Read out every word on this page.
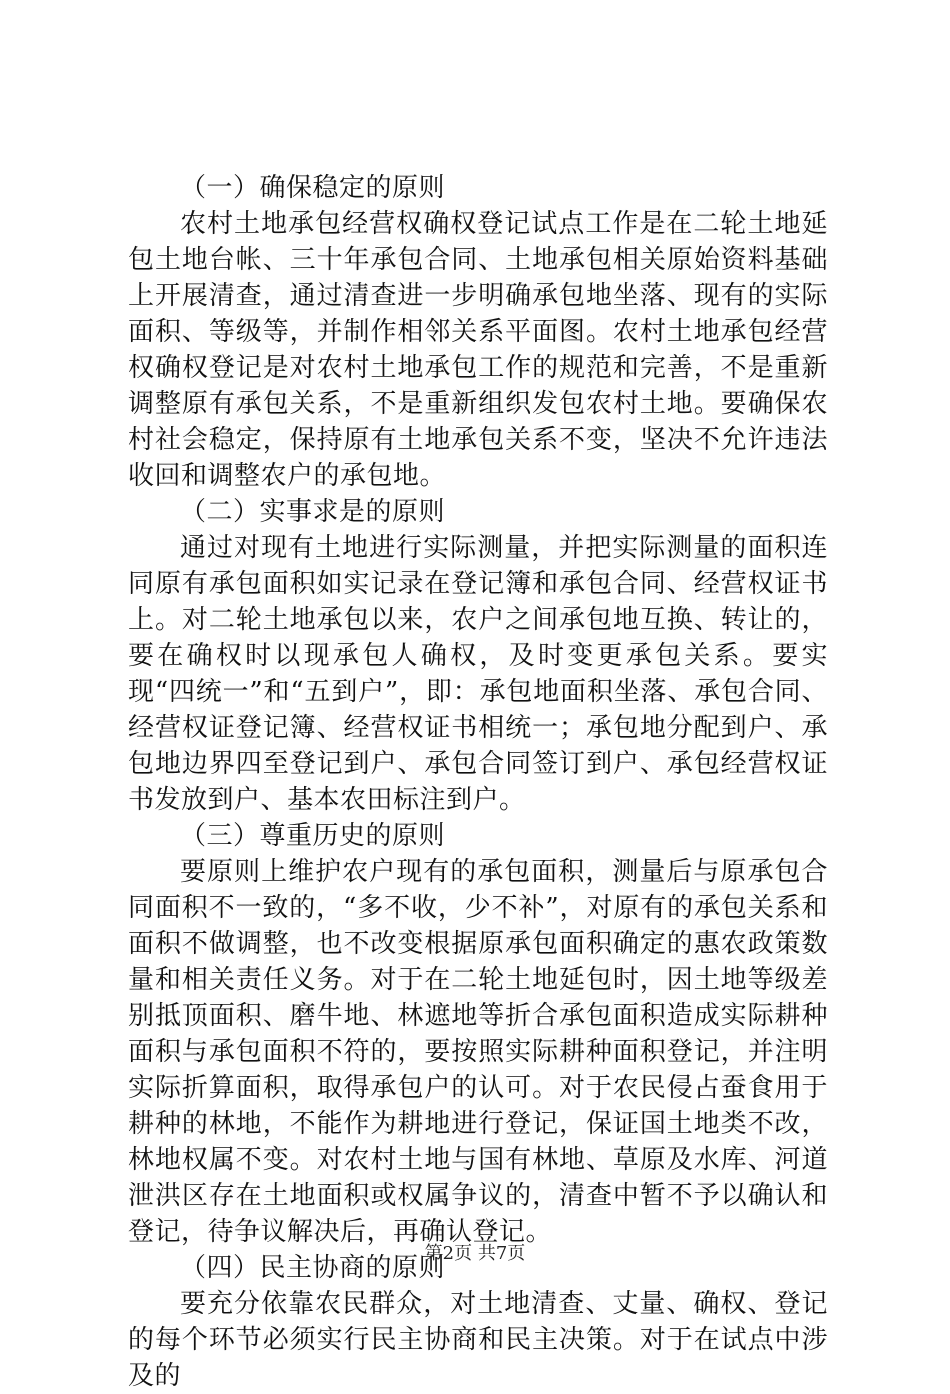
（一）确保稳定的原则

农村土地承包经营权确权登记试点工作是在二轮土地延包土地台帐、三十年承包合同、土地承包相关原始资料基础上开展清查，通过清查进一步明确承包地坐落、现有的实际面积、等级等，并制作相邻关系平面图。农村土地承包经营权确权登记是对农村土地承包工作的规范和完善，不是重新调整原有承包关系，不是重新组织发包农村土地。要确保农村社会稳定，保持原有土地承包关系不变，坚决不允许违法收回和调整农户的承包地。

（二）实事求是的原则

通过对现有土地进行实际测量，并把实际测量的面积连同原有承包面积如实记录在登记簿和承包合同、经营权证书上。对二轮土地承包以来，农户之间承包地互换、转让的，要在确权时以现承包人确权，及时变更承包关系。要实现“四统一”和“五到户”，即：承包地面积坐落、承包合同、经营权证登记簿、经营权证书相统一；承包地分配到户、承包地边界四至登记到户、承包合同签订到户、承包经营权证书发放到户、基本农田标注到户。

（三）尊重历史的原则

要原则上维护农户现有的承包面积，测量后与原承包合同面积不一致的，“多不收，少不补”，对原有的承包关系和面积不做调整，也不改变根据原承包面积确定的惠农政策数量和相关责任义务。对于在二轮土地延包时，因土地等级差别抵顶面积、磨牛地、林遮地等折合承包面积造成实际耕种面积与承包面积不符的，要按照实际耕种面积登记，并注明实际折算面积，取得承包户的认可。对于农民侵占蚕食用于耕种的林地，不能作为耕地进行登记，保证国土地类不改，林地权属不变。对农村土地与国有林地、草原及水库、河道泄洪区存在土地面积或权属争议的，清查中暂不予以确认和登记，待争议解决后，再确认登记。

（四）民主协商的原则

要充分依靠农民群众，对土地清查、丈量、确权、登记的每个环节必须实行民主协商和民主决策。对于在试点中涉及的

第2页 共7页
